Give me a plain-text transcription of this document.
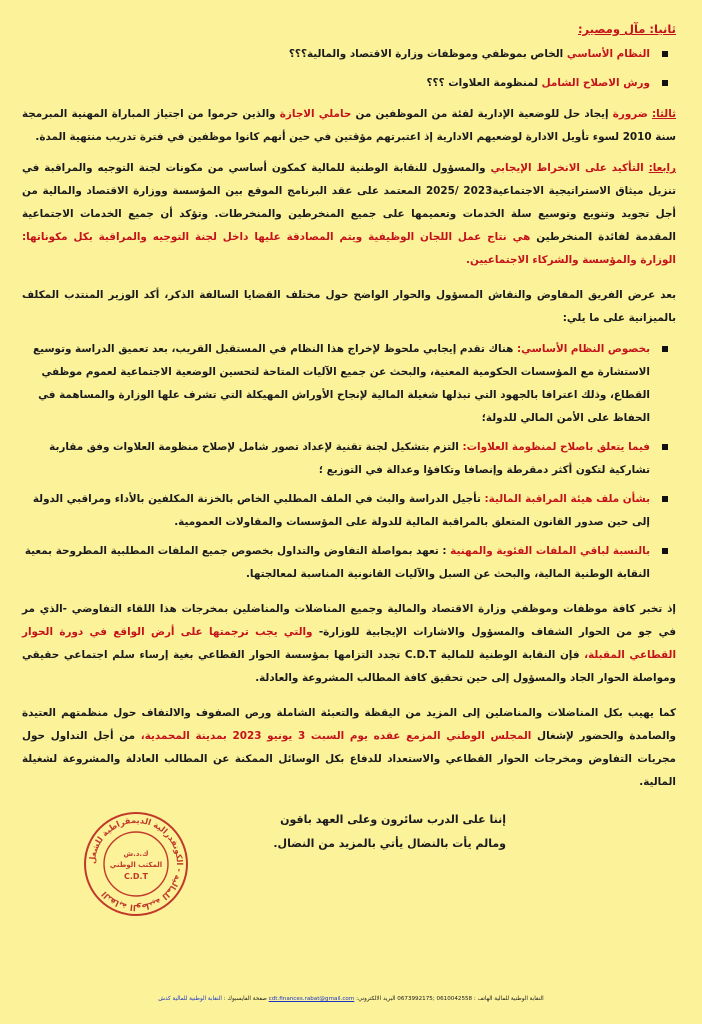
ثانيا: مآل ومصير:
النظام الأساسي الخاص بموظفي وموظفات وزارة الاقتصاد والمالية؟؟؟
ورش الاصلاح الشامل لمنظومة العلاوات ؟؟؟

ثالثا: ضرورة إيجاد حل للوضعية الإدارية لفئة من الموظفين من حاملي الاجازة والذين حرموا من اجتياز المباراة المهنية المبرمجة سنة 2010 لسوء تأويل الادارة لوضعيهم الادارية إذ اعتبرتهم مؤقتين في حين أنهم كانوا موظفين في فترة تدريب منتهية المدة.

رابعا: التأكيد على الانخراط الإيجابي والمسؤول للنقابة الوطنية للمالية كمكون أساسي من مكونات لجنة التوجيه والمراقبة في تنزيل ميثاق الاستراتيجية الاجتماعية2023 /2025 المعتمد على عقد البرنامج الموقع بين المؤسسة ووزارة الاقتصاد والمالية من أجل تجويد وتنويع وتوسيع سلة الخدمات وتعميمها على جميع المنخرطين والمنخرطات. وتؤكد أن جميع الخدمات الاجتماعية المقدمة لفائدة المنخرطين هي نتاج عمل اللجان الوظيفية ويتم المصادقة عليها داخل لجنة التوجيه والمراقبة بكل مكوناتها: الوزارة والمؤسسة والشركاء الاجتماعيين.

بعد عرض الفريق المفاوض والنقاش المسؤول والحوار الواضح حول مختلف القضايا السالفة الذكر، أكد الوزير المنتدب المكلف بالميزانية على ما يلي:

بخصوص النظام الأساسي: هناك تقدم إيجابي ملحوظ لإخراج هذا النظام في المستقبل القريب، بعد تعميق الدراسة وتوسيع الاستشارة مع المؤسسات الحكومية المعنية، والبحث عن جميع الآليات المتاحة لتحسين الوضعية الاجتماعية لعموم موظفي القطاع، وذلك اعترافا بالجهود التي تبذلها شغيلة المالية لإنجاح الأوراش المهيكلة التي تشرف علها الوزارة والمساهمة في الحفاظ على الأمن المالي للدولة؛
فيما يتعلق باصلاح لمنظومة العلاوات: التزم بتشكيل لجنة تقنية لإعداد تصور شامل لإصلاح منظومة العلاوات وفق مقاربة تشاركية لتكون أكثر دمقرطة وإنصافا وتكافؤا وعدالة في التوزيع ؛
بشأن ملف هيئة المراقبة المالية: تأجيل الدراسة والبث في الملف المطلبي الخاص بالخزنة المكلفين بالأداء ومراقبي الدولة إلى حين صدور القانون المتعلق بالمراقبة المالية للدولة على المؤسسات والمقاولات العمومية.
بالنسبة لباقي الملفات الفئوية والمهنية : تعهد بمواصلة التفاوض والتداول بخصوص جميع الملفات المطلبية المطروحة بمعية النقابة الوطنية المالية، والبحث عن السبل والآليات القانونية المناسبة لمعالجتها.

إذ تخبر كافة موظفات وموظفي وزارة الاقتصاد والمالية وجميع المناضلات والمناضلين بمخرجات هذا اللقاء التفاوضي -الذي مر في جو من الحوار الشفاف والمسؤول والاشارات الإيجابية للوزارة- والتي يجب ترجمتها على أرض الواقع في دورة الحوار القطاعي المقبلة، فإن النقابة الوطنية للمالية C.D.T تجدد التزامها بمؤسسة الحوار القطاعي بغية إرساء سلم اجتماعي حقيقي ومواصلة الحوار الجاد والمسؤول إلى حين تحقيق كافة المطالب المشروعة والعادلة.

كما يهيب بكل المناضلات والمناضلين إلى المزيد من اليقظة والتعبئة الشاملة ورص الصفوف والالتفاف حول منظمتهم العتيدة والصامدة والحضور لإشغال المجلس الوطني المزمع عقده يوم السبت 3 يونيو 2023 بمدينة المحمدية، من أجل التداول حول مجريات التفاوض ومخرجات الحوار القطاعي والاستعداد للدفاع بكل الوسائل الممكنة عن المطالب العادلة والمشروعة لشغيلة المالية.

إننا على الدرب سائرون وعلى العهد باقون
ومالم يأت بالنضال يأتي بالمزيد من النضال.
النقابة الوطنية للمالية - الكونفدرالية الديمقراطية للشغل
ك.د.ش
المكتب الوطني
C.D.T
النقابة الوطنية للمالية الهاتف : 0610042558 ;0673992175 البريد الالكتروني: cdt.finances.rabat@gmail.com صفحة الفايسبوك : النقابة الوطنية للمالية كدش
